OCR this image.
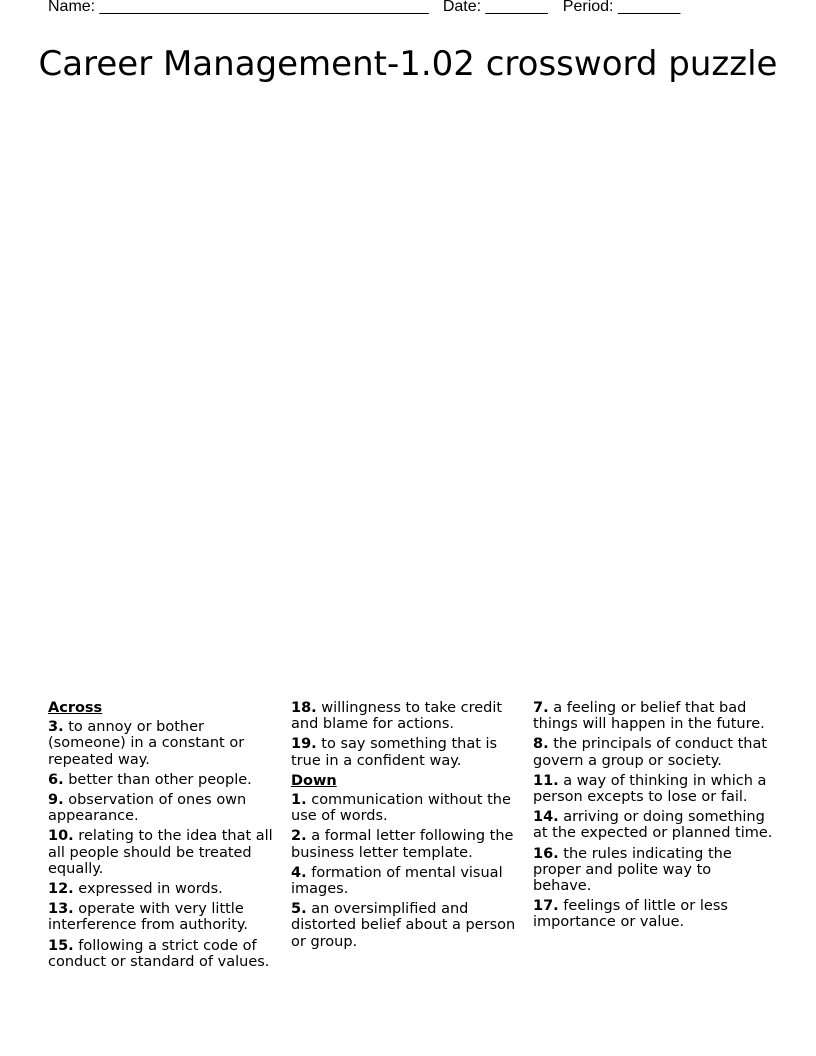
Name: _____________________________________ Date: _______ Period: _______
Career Management-1.02 crossword puzzle
Across
3. to annoy or bother (someone) in a constant or repeated way.
6. better than other people.
9. observation of ones own appearance.
10. relating to the idea that all all people should be treated equally.
12. expressed in words.
13. operate with very little interference from authority.
15. following a strict code of conduct or standard of values.
18. willingness to take credit and blame for actions.
19. to say something that is true in a confident way.
Down
1. communication without the use of words.
2. a formal letter following the business letter template.
4. formation of mental visual images.
5. an oversimplified and distorted belief about a person or group.
7. a feeling or belief that bad things will happen in the future.
8. the principals of conduct that govern a group or society.
11. a way of thinking in which a person excepts to lose or fail.
14. arriving or doing something at the expected or planned time.
16. the rules indicating the proper and polite way to behave.
17. feelings of little or less importance or value.
